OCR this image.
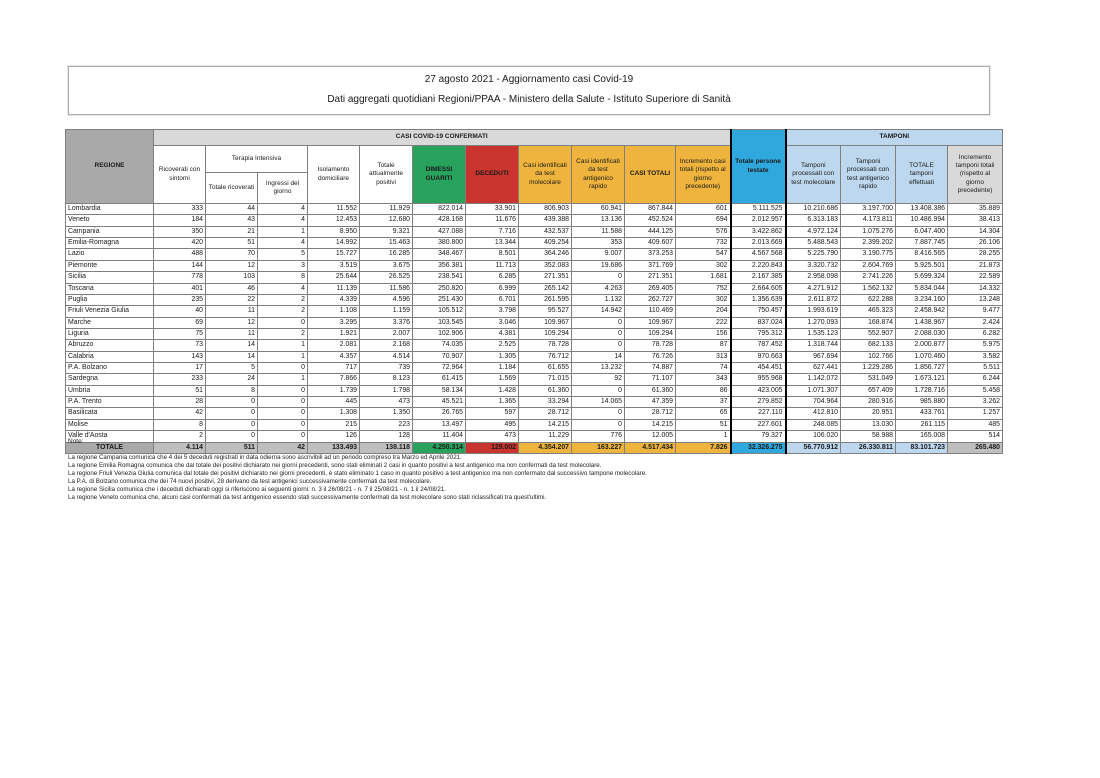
27 agosto 2021 - Aggiornamento casi Covid-19
Dati aggregati quotidiani Regioni/PPAA - Ministero della Salute - Istituto Superiore di Sanità
REGIONE	CASI COVID-19 CONFERMATI											Totale persone testate	TAMPONI			
	Ricoverati con sintomi	Terapia Intensiva		Isolamento domiciliare	Totale attualmente positivi	DIMESSI GUARITI	DECEDUTI	Casi identificati da test molecolare	Casi identificati da test antigenico rapido	CASI TOTALI	Incremento casi totali (rispetto al giorno precedente)		Tamponi processati con test molecolare	Tamponi processati con test antigenico rapido	TOTALE tamponi effettuati	Incremento tamponi totali (rispetto al giorno precedente)
		Totale ricoverati	Ingressi del giorno													
Lombardia	333	44	4	11.552	11.929	822.014	33.901	806.903	60.941	867.844	601	5.111.525	10.210.686	3.197.700	13.408.386	35.889
Veneto	184	43	4	12.453	12.680	428.168	11.676	439.388	13.136	452.524	694	2.012.957	6.313.183	4.173.811	10.486.994	38.413
Campania	350	21	1	8.950	9.321	427.088	7.716	432.537	11.588	444.125	576	3.422.862	4.972.124	1.075.276	6.047.400	14.304
Emilia-Romagna	420	51	4	14.992	15.463	380.800	13.344	409.254	353	409.607	732	2.013.669	5.488.543	2.399.202	7.887.745	26.106
Lazio	488	70	5	15.727	16.285	348.467	8.501	364.246	9.007	373.253	547	4.567.568	5.225.790	3.190.775	8.416.565	28.255
Piemonte	144	12	3	3.519	3.675	356.381	11.713	352.083	19.686	371.769	302	2.220.843	3.320.732	2.604.769	5.925.501	21.873
Sicilia	778	103	8	25.644	26.525	238.541	6.285	271.351	0	271.351	1.681	2.167.385	2.958.098	2.741.226	5.699.324	22.589
Toscana	401	46	4	11.139	11.586	250.820	6.999	265.142	4.263	269.405	752	2.664.605	4.271.912	1.562.132	5.834.044	14.332
Puglia	235	22	2	4.339	4.596	251.430	6.701	261.595	1.132	262.727	302	1.356.639	2.611.872	622.288	3.234.160	13.248
Friuli Venezia Giulia	40	11	2	1.108	1.159	105.512	3.798	95.527	14.942	110.469	204	750.457	1.993.619	465.323	2.458.942	9.477
Marche	69	12	0	3.295	3.376	103.545	3.046	109.967	0	109.967	222	837.024	1.270.093	168.874	1.438.967	2.424
Liguria	75	11	2	1.921	2.007	102.906	4.381	109.294	0	109.294	156	795.312	1.535.123	552.907	2.088.030	6.282
Abruzzo	73	14	1	2.081	2.168	74.035	2.525	78.728	0	78.728	87	787.452	1.318.744	682.133	2.000.877	5.975
Calabria	143	14	1	4.357	4.514	70.907	1.305	76.712	14	76.726	313	970.663	967.694	102.766	1.070.460	3.582
P.A. Bolzano	17	5	0	717	739	72.964	1.184	61.655	13.232	74.887	74	454.451	627.441	1.229.286	1.856.727	5.511
Sardegna	233	24	1	7.866	8.123	61.415	1.569	71.015	92	71.107	343	955.968	1.142.072	531.049	1.673.121	6.244
Umbria	51	8	0	1.739	1.798	58.134	1.428	61.360	0	61.360	86	423.005	1.071.307	657.409	1.728.716	5.458
P.A. Trento	28	0	0	445	473	45.521	1.365	33.294	14.065	47.359	37	279.852	704.964	280.916	985.880	3.262
Basilicata	42	0	0	1.308	1.350	26.765	597	28.712	0	28.712	65	227.110	412.810	20.951	433.761	1.257
Molise	8	0	0	215	223	13.497	495	14.215	0	14.215	51	227.601	248.085	13.030	261.115	485
Valle d'Aosta	2	0	0	126	128	11.404	473	11.229	776	12.005	1	79.327	106.020	58.988	165.008	514
TOTALE	4.114	511	42	133.493	138.118	4.250.314	129.002	4.354.207	163.227	4.517.434	7.826	32.326.275	56.770.912	26.330.811	83.101.723	265.480
Note:
La regione Campania comunica che 4 dei 5 deceduti registrati in data odierna sono ascrivibili ad un periodo compreso tra Marzo ed Aprile 2021.
La regione Emilia Romagna comunica che dal totale dei positivi dichiarato nei giorni precedenti, sono stati eliminati 2 casi in quanto positivi a test antigenico ma non confermati da test molecolare.
La regione Friuli Venezia Giulia comunica dal totale dei positivi dichiarato nei giorni precedenti, è stato eliminato 1 caso in quanto positivo a test antigenico ma non confermato dal successivo tampone molecolare.
La P.A. di Bolzano comunica che dei 74 nuovi positivi, 28 derivano da test antigenici successivamente confermati da test molecolare.
La regione Sicilia comunica che i deceduti dichiarati oggi si riferiscono ai seguenti giorni: n. 3 il 26/08/21 - n. 7 il 25/08/21 - n. 1 il 24/08/21.
La regione Veneto comunica che, alcuni casi confermati da test antigenico essendo stati successivamente confermati da test molecolare sono stati riclassificati tra quest'ultimi.
